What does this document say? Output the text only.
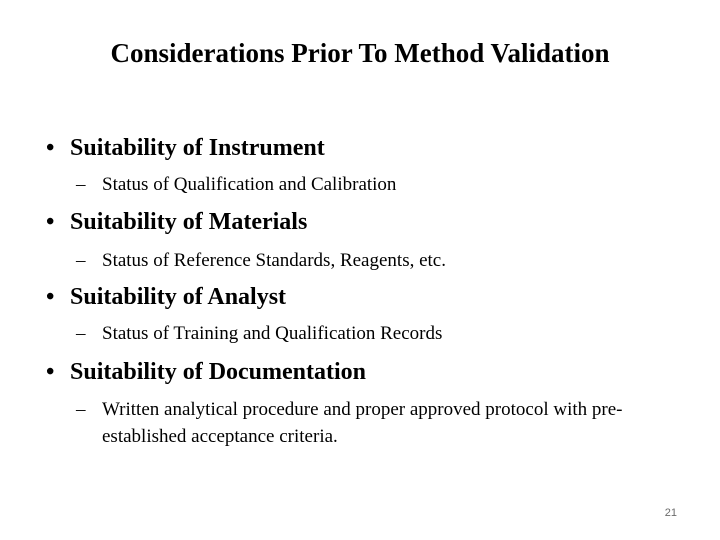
Considerations Prior To Method Validation
• Suitability of Instrument
– Status of Qualification and Calibration
• Suitability of Materials
– Status of Reference Standards, Reagents, etc.
• Suitability of Analyst
– Status of Training and Qualification Records
• Suitability of Documentation
– Written analytical procedure and proper approved protocol with pre-established acceptance criteria.
21
